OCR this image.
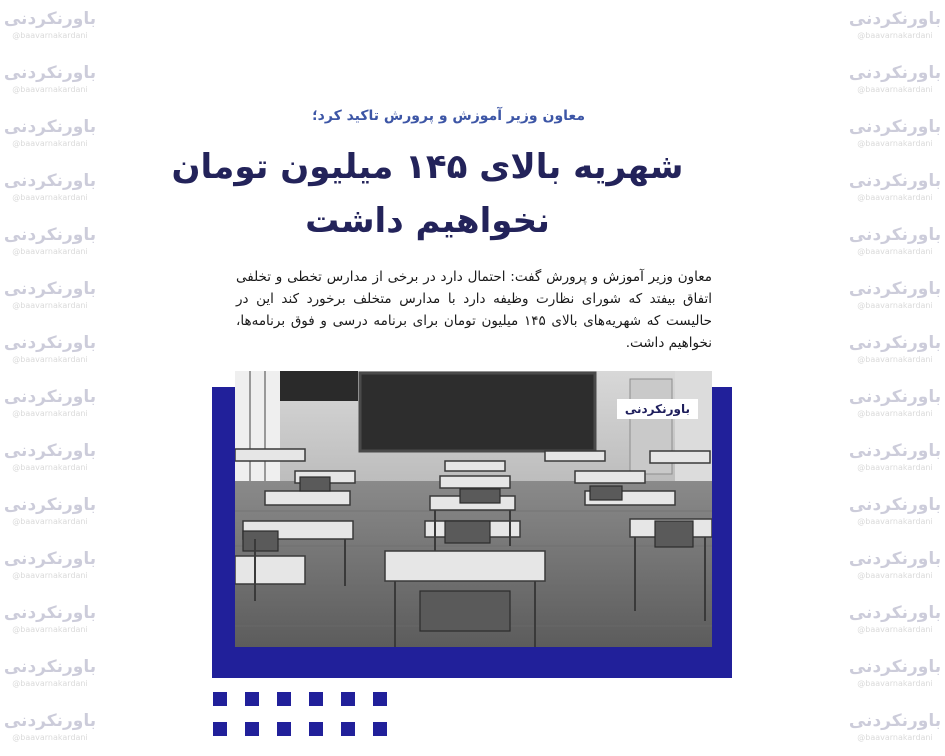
باورنکردنی
@baavarnakardani
باورنکردنی
@baavarnakardani
باورنکردنی
@baavarnakardani
باورنکردنی
@baavarnakardani
باورنکردنی
@baavarnakardani
باورنکردنی
@baavarnakardani
باورنکردنی
@baavarnakardani
باورنکردنی
@baavarnakardani
باورنکردنی
@baavarnakardani
باورنکردنی
@baavarnakardani
باورنکردنی
@baavarnakardani
باورنکردنی
@baavarnakardani
باورنکردنی
@baavarnakardani
باورنکردنی
@baavarnakardani
باورنکردنی
@baavarnakardani
باورنکردنی
@baavarnakardani
باورنکردنی
@baavarnakardani
باورنکردنی
@baavarnakardani
باورنکردنی
@baavarnakardani
باورنکردنی
@baavarnakardani
باورنکردنی
@baavarnakardani
باورنکردنی
@baavarnakardani
باورنکردنی
@baavarnakardani
باورنکردنی
@baavarnakardani
باورنکردنی
@baavarnakardani
باورنکردنی
@baavarnakardani
باورنکردنی
@baavarnakardani
باورنکردنی
@baavarnakardani
معاون وزیر آموزش و پرورش تاکید کرد؛
شهریه بالای ۱۴۵ میلیون تومان نخواهیم داشت

معاون وزیر آموزش و پرورش گفت: احتمال دارد در برخی از مدارس تخطی و تخلفی اتفاق بیفتد که شورای نظارت وظیفه دارد با مدارس متخلف برخورد کند این در حالیست که شهریه‌های بالای ۱۴۵ میلیون تومان برای برنامه درسی و فوق برنامه‌ها، نخواهیم داشت.

باورنکردنی
